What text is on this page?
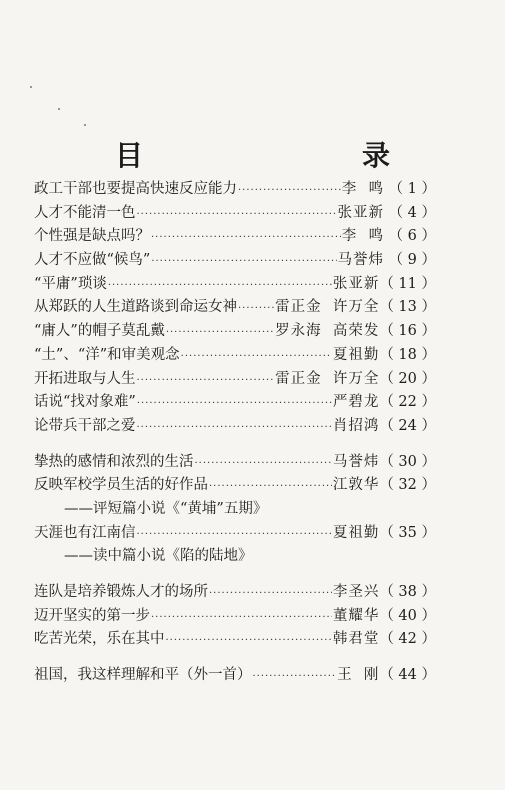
目    录
政工干部也要提高快速反应能力 ·····	李  鸣 （ 1 ）
人才不能清一色 ·····	张亚新 （ 4 ）
个性强是缺点吗？ ·····	李  鸣 （ 6 ）
人才不应做“候鸟” ·····	马誉炜 （ 9 ）
“平庸”琐谈 ·····	张亚新 （ 11 ）
从郑跃的人生道路谈到命运女神 ·····	雷正金  许万全 （ 13 ）
“庸人”的帽子莫乱戴 ·····	罗永海  高荣发 （ 16 ）
“土”、“洋”和审美观念 ·····	夏祖勤 （ 18 ）
开拓进取与人生 ·····	雷正金  许万全 （ 20 ）
话说“找对象难” ·····	严碧龙 （ 22 ）
论带兵干部之爱 ·····	肖招鸿 （ 24 ）
挚热的感情和浓烈的生活 ·····	马誉炜 （ 30 ）
反映军校学员生活的好作品 ·····	江敦华 （ 32 ）
—— 评短篇小说《“黄埔”五期》
天涯也有江南信 ·····	夏祖勤 （ 35 ）
—— 读中篇小说《陷的陆地》
连队是培养锻炼人才的场所 ·····	李圣兴 （ 38 ）
迈开坚实的第一步 ·····	董耀华 （ 40 ）
吃苦光荣，乐在其中 ·····	韩君堂 （ 42 ）
祖国，我这样理解和平（外一首） ·····	王  刚 （ 44 ）
